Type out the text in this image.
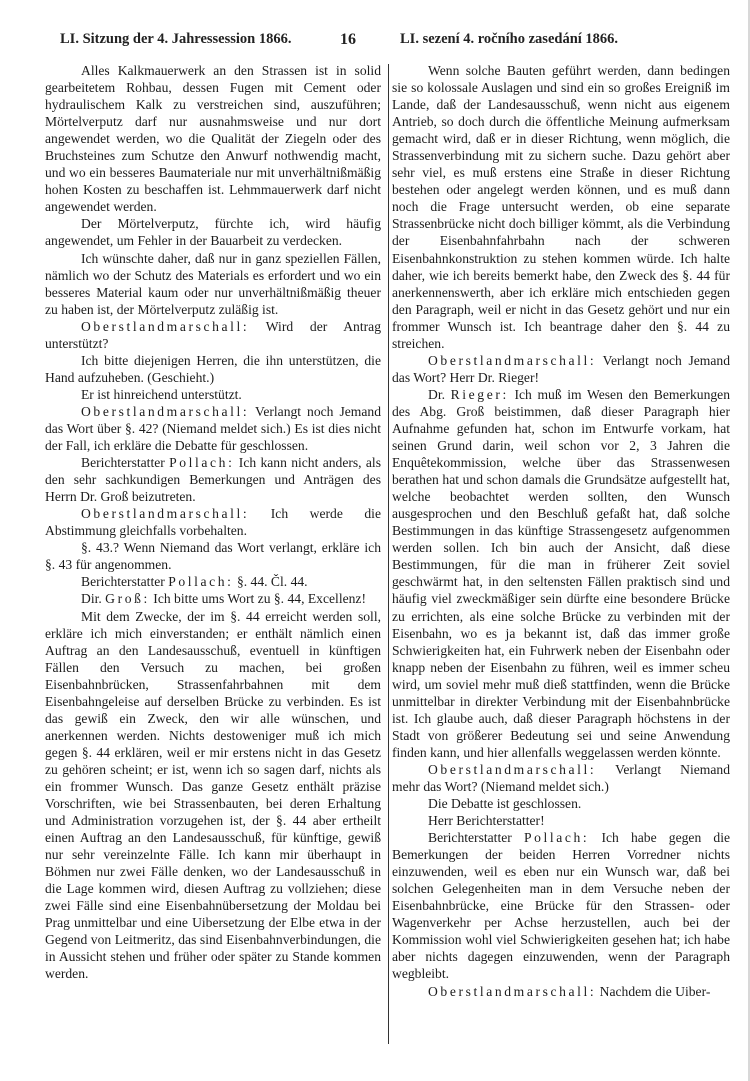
LI. Sitzung der 4. Jahressession 1866.	16	LI. sezení 4. ročního zasedání 1866.

Alles Kalkmauerwerk an den Strassen ist in solid gearbeitetem Rohbau, dessen Fugen mit Cement oder hydraulischem Kalk zu verstreichen sind, auszuführen; Mörtelverputz darf nur ausnahmsweise und nur dort angewendet werden, wo die Qualität der Ziegeln oder des Bruchsteines zum Schutze den Anwurf nothwendig macht, und wo ein besseres Baumateriale nur mit unverhältnißmäßig hohen Kosten zu beschaffen ist. Lehmmauerwerk darf nicht angewendet werden.

Der Mörtelverputz, fürchte ich, wird häufig angewendet, um Fehler in der Bauarbeit zu verdecken.

Ich wünschte daher, daß nur in ganz speziellen Fällen, nämlich wo der Schutz des Materials es erfordert und wo ein besseres Material kaum oder nur unverhältnißmäßig theuer zu haben ist, der Mörtelverputz zuläßig ist.

Oberstlandmarschall: Wird der Antrag unterstützt?

Ich bitte diejenigen Herren, die ihn unterstützen, die Hand aufzuheben. (Geschieht.)

Er ist hinreichend unterstützt.

Oberstlandmarschall: Verlangt noch Jemand das Wort über §. 42? (Niemand meldet sich.) Es ist dies nicht der Fall, ich erkläre die Debatte für geschlossen.

Berichterstatter Pollach: Ich kann nicht anders, als den sehr sachkundigen Bemerkungen und Anträgen des Herrn Dr. Groß beizutreten.

Oberstlandmarschall: Ich werde die Abstimmung gleichfalls vorbehalten.

§. 43.? Wenn Niemand das Wort verlangt, erkläre ich §. 43 für angenommen.

Berichterstatter Pollach: §. 44. Čl. 44.

Dir. Groß: Ich bitte ums Wort zu §. 44, Excellenz!

Mit dem Zwecke, der im §. 44 erreicht werden soll, erkläre ich mich einverstanden; er enthält nämlich einen Auftrag an den Landesausschuß, eventuell in künftigen Fällen den Versuch zu machen, bei großen Eisenbahnbrücken, Strassenfahrbahnen mit dem Eisenbahngeleise auf derselben Brücke zu verbinden. Es ist das gewiß ein Zweck, den wir alle wünschen, und anerkennen werden. Nichts destoweniger muß ich mich gegen §. 44 erklären, weil er mir erstens nicht in das Gesetz zu gehören scheint; er ist, wenn ich so sagen darf, nichts als ein frommer Wunsch. Das ganze Gesetz enthält präzise Vorschriften, wie bei Strassenbauten, bei deren Erhaltung und Administration vorzugehen ist, der §. 44 aber ertheilt einen Auftrag an den Landesausschuß, für künftige, gewiß nur sehr vereinzelnte Fälle. Ich kann mir überhaupt in Böhmen nur zwei Fälle denken, wo der Landesausschuß in die Lage kommen wird, diesen Auftrag zu vollziehen; diese zwei Fälle sind eine Eisenbahnübersetzung der Moldau bei Prag unmittelbar und eine Uibersetzung der Elbe etwa in der Gegend von Leitmeritz, das sind Eisenbahnverbindungen, die in Aussicht stehen und früher oder später zu Stande kommen werden.

Wenn solche Bauten geführt werden, dann bedingen sie so kolossale Auslagen und sind ein so großes Ereigniß im Lande, daß der Landesausschuß, wenn nicht aus eigenem Antrieb, so doch durch die öffentliche Meinung aufmerksam gemacht wird, daß er in dieser Richtung, wenn möglich, die Strassenverbindung mit zu sichern suche. Dazu gehört aber sehr viel, es muß erstens eine Straße in dieser Richtung bestehen oder angelegt werden können, und es muß dann noch die Frage untersucht werden, ob eine separate Strassenbrücke nicht doch billiger kömmt, als die Verbindung der Eisenbahnfahrbahn nach der schweren Eisenbahnkonstruktion zu stehen kommen würde. Ich halte daher, wie ich bereits bemerkt habe, den Zweck des §. 44 für anerkennenswerth, aber ich erkläre mich entschieden gegen den Paragraph, weil er nicht in das Gesetz gehört und nur ein frommer Wunsch ist. Ich beantrage daher den §. 44 zu streichen.

Oberstlandmarschall: Verlangt noch Jemand das Wort? Herr Dr. Rieger!

Dr. Rieger: Ich muß im Wesen den Bemerkungen des Abg. Groß beistimmen, daß dieser Paragraph hier Aufnahme gefunden hat, schon im Entwurfe vorkam, hat seinen Grund darin, weil schon vor 2, 3 Jahren die Enquêtekommission, welche über das Strassenwesen berathen hat und schon damals die Grundsätze aufgestellt hat, welche beobachtet werden sollten, den Wunsch ausgesprochen und den Beschluß gefaßt hat, daß solche Bestimmungen in das künftige Strassengesetz aufgenommen werden sollen. Ich bin auch der Ansicht, daß diese Bestimmungen, für die man in früherer Zeit soviel geschwärmt hat, in den seltensten Fällen praktisch sind und häufig viel zweckmäßiger sein dürfte eine besondere Brücke zu errichten, als eine solche Brücke zu verbinden mit der Eisenbahn, wo es ja bekannt ist, daß das immer große Schwierigkeiten hat, ein Fuhrwerk neben der Eisenbahn oder knapp neben der Eisenbahn zu führen, weil es immer scheu wird, um soviel mehr muß dieß stattfinden, wenn die Brücke unmittelbar in direkter Verbindung mit der Eisenbahnbrücke ist. Ich glaube auch, daß dieser Paragraph höchstens in der Stadt von größerer Bedeutung sei und seine Anwendung finden kann, und hier allenfalls weggelassen werden könnte.

Oberstlandmarschall: Verlangt Niemand mehr das Wort? (Niemand meldet sich.)

Die Debatte ist geschlossen.

Herr Berichterstatter!

Berichterstatter Pollach: Ich habe gegen die Bemerkungen der beiden Herren Vorredner nichts einzuwenden, weil es eben nur ein Wunsch war, daß bei solchen Gelegenheiten man in dem Versuche neben der Eisenbahnbrücke, eine Brücke für den Strassen- oder Wagenverkehr per Achse herzustellen, auch bei der Kommission wohl viel Schwierigkeiten gesehen hat; ich habe aber nichts dagegen einzuwenden, wenn der Paragraph wegbleibt.

Oberstlandmarschall: Nachdem die Uiber-
